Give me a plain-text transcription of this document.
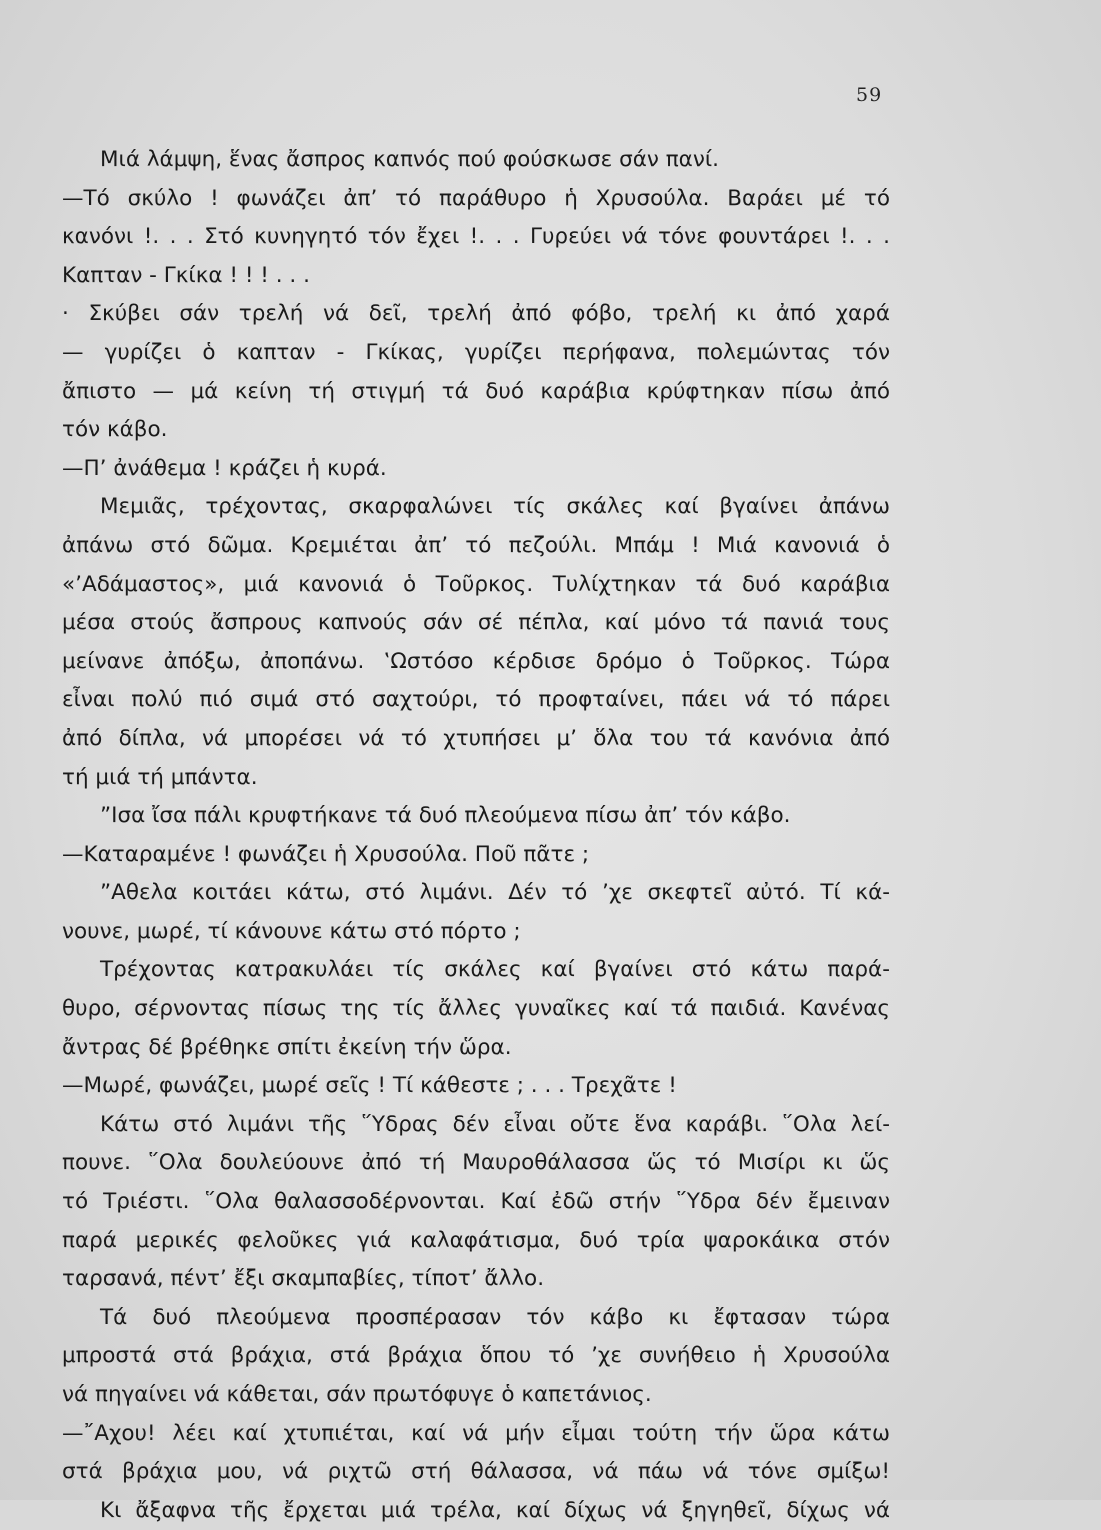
59
Μιά λάμψη, ἕνας ἄσπρος καπνός πού φούσκωσε σάν πανί.
—Τό σκύλο ! φωνάζει ἀπ’ τό παράθυρο ἡ Χρυσούλα. Βαράει μέ τό
κανόνι !. . . Στό κυνηγητό τόν ἔχει !. . . Γυρεύει νά τόνε φουντάρει !. . .
Καπταν - Γκίκα ! ! ! . . .
· Σκύβει σάν τρελή νά δεῖ, τρελή ἀπό φόβο, τρελή κι ἀπό χαρά
— γυρίζει ὁ καπταν - Γκίκας, γυρίζει περήφανα, πολεμώντας τόν
ἄπιστο — μά κείνη τή στιγμή τά δυό καράβια κρύφτηκαν πίσω ἀπό
τόν κάβο.
—Π’ ἀνάθεμα ! κράζει ἡ κυρά.
Μεμιᾶς, τρέχοντας, σκαρφαλώνει τίς σκάλες καί βγαίνει ἀπάνω
ἀπάνω στό δῶμα. Κρεμιέται ἀπ’ τό πεζούλι. Μπάμ ! Μιά κανονιά ὁ
«’Αδάμαστος», μιά κανονιά ὁ Τοῦρκος. Τυλίχτηκαν τά δυό καράβια
μέσα στούς ἄσπρους καπνούς σάν σέ πέπλα, καί μόνο τά πανιά τους
μείνανε ἀπόξω, ἀποπάνω. ‛Ωστόσο κέρδισε δρόμο ὁ Τοῦρκος. Τώρα
εἶναι πολύ πιό σιμά στό σαχτούρι, τό προφταίνει, πάει νά τό πάρει
ἀπό δίπλα, νά μπορέσει νά τό χτυπήσει μ’ ὅλα του τά κανόνια ἀπό
τή μιά τή μπάντα.
”Ισα ἴσα πάλι κρυφτήκανε τά δυό πλεούμενα πίσω ἀπ’ τόν κάβο.
—Καταραμένε ! φωνάζει ἡ Χρυσούλα. Ποῦ πᾶτε ;
”Αθελα κοιτάει κάτω, στό λιμάνι. Δέν τό ’χε σκεφτεῖ αὐτό. Τί κά-
νουνε, μωρέ, τί κάνουνε κάτω στό πόρτο ;
Τρέχοντας κατρακυλάει τίς σκάλες καί βγαίνει στό κάτω παρά-
θυρο, σέρνοντας πίσως της τίς ἄλλες γυναῖκες καί τά παιδιά. Κανένας
ἄντρας δέ βρέθηκε σπίτι ἐκείνη τήν ὥρα.
—Μωρέ, φωνάζει, μωρέ σεῖς ! Τί κάθεστε ; . . . Τρεχᾶτε !
Κάτω στό λιμάνι τῆς ῞Υδρας δέν εἶναι οὔτε ἕνα καράβι. ῞Ολα λεί-
πουνε. ῞Ολα δουλεύουνε ἀπό τή Μαυροθάλασσα ὥς τό Μισίρι κι ὥς
τό Τριέστι. ῞Ολα θαλασσοδέρνονται. Καί ἐδῶ στήν ῞Υδρα δέν ἔμειναν
παρά μερικές φελοῦκες γιά καλαφάτισμα, δυό τρία ψαροκάικα στόν
ταρσανά, πέντ’ ἔξι σκαμπαβίες, τίποτ’ ἄλλο.
Τά δυό πλεούμενα προσπέρασαν τόν κάβο κι ἔφτασαν τώρα
μπροστά στά βράχια, στά βράχια ὅπου τό ’χε συνήθειο ἡ Χρυσούλα
νά πηγαίνει νά κάθεται, σάν πρωτόφυγε ὁ καπετάνιος.
—῎Αχου! λέει καί χτυπιέται, καί νά μήν εἶμαι τούτη τήν ὥρα κάτω
στά βράχια μου, νά ριχτῶ στή θάλασσα, νά πάω νά τόνε σμίξω!
Κι ἄξαφνα τῆς ἔρχεται μιά τρέλα, καί δίχως νά ξηγηθεῖ, δίχως νά
